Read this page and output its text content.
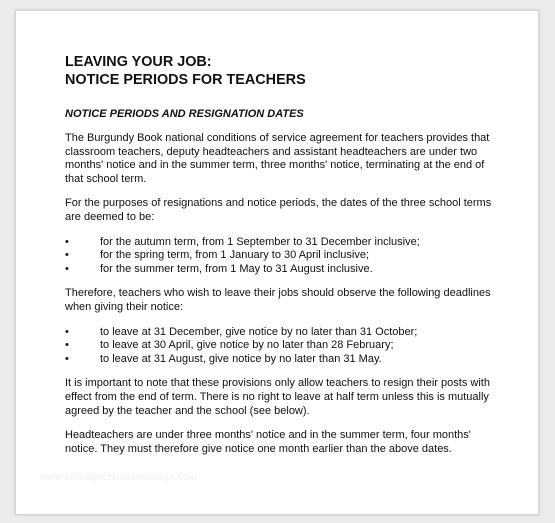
LEAVING YOUR JOB:
NOTICE PERIODS FOR TEACHERS
NOTICE PERIODS AND RESIGNATION DATES

The Burgundy Book national conditions of service agreement for teachers provides that classroom teachers, deputy headteachers and assistant headteachers are under two months' notice and in the summer term, three months' notice, terminating at the end of that school term.

For the purposes of resignations and notice periods, the dates of the three school terms are deemed to be:

•	for the autumn term, from 1 September to 31 December inclusive;
•	for the spring term, from 1 January to 30 April inclusive;
•	for the summer term, from 1 May to 31 August inclusive.

Therefore, teachers who wish to leave their jobs should observe the following deadlines when giving their notice:

•	to leave at 31 December, give notice by no later than 31 October;
•	to leave at 30 April, give notice by no later than 28 February;
•	to leave at 31 August, give notice by no later than 31 May.

It is important to note that these provisions only allow teachers to resign their posts with effect from the end of term. There is no right to leave at half term unless this is mutually agreed by the teacher and the school (see below).

Headteachers are under three months' notice and in the summer term, four months' notice. They must therefore give notice one month earlier than the above dates.

www.heritagechristiancollege.com
